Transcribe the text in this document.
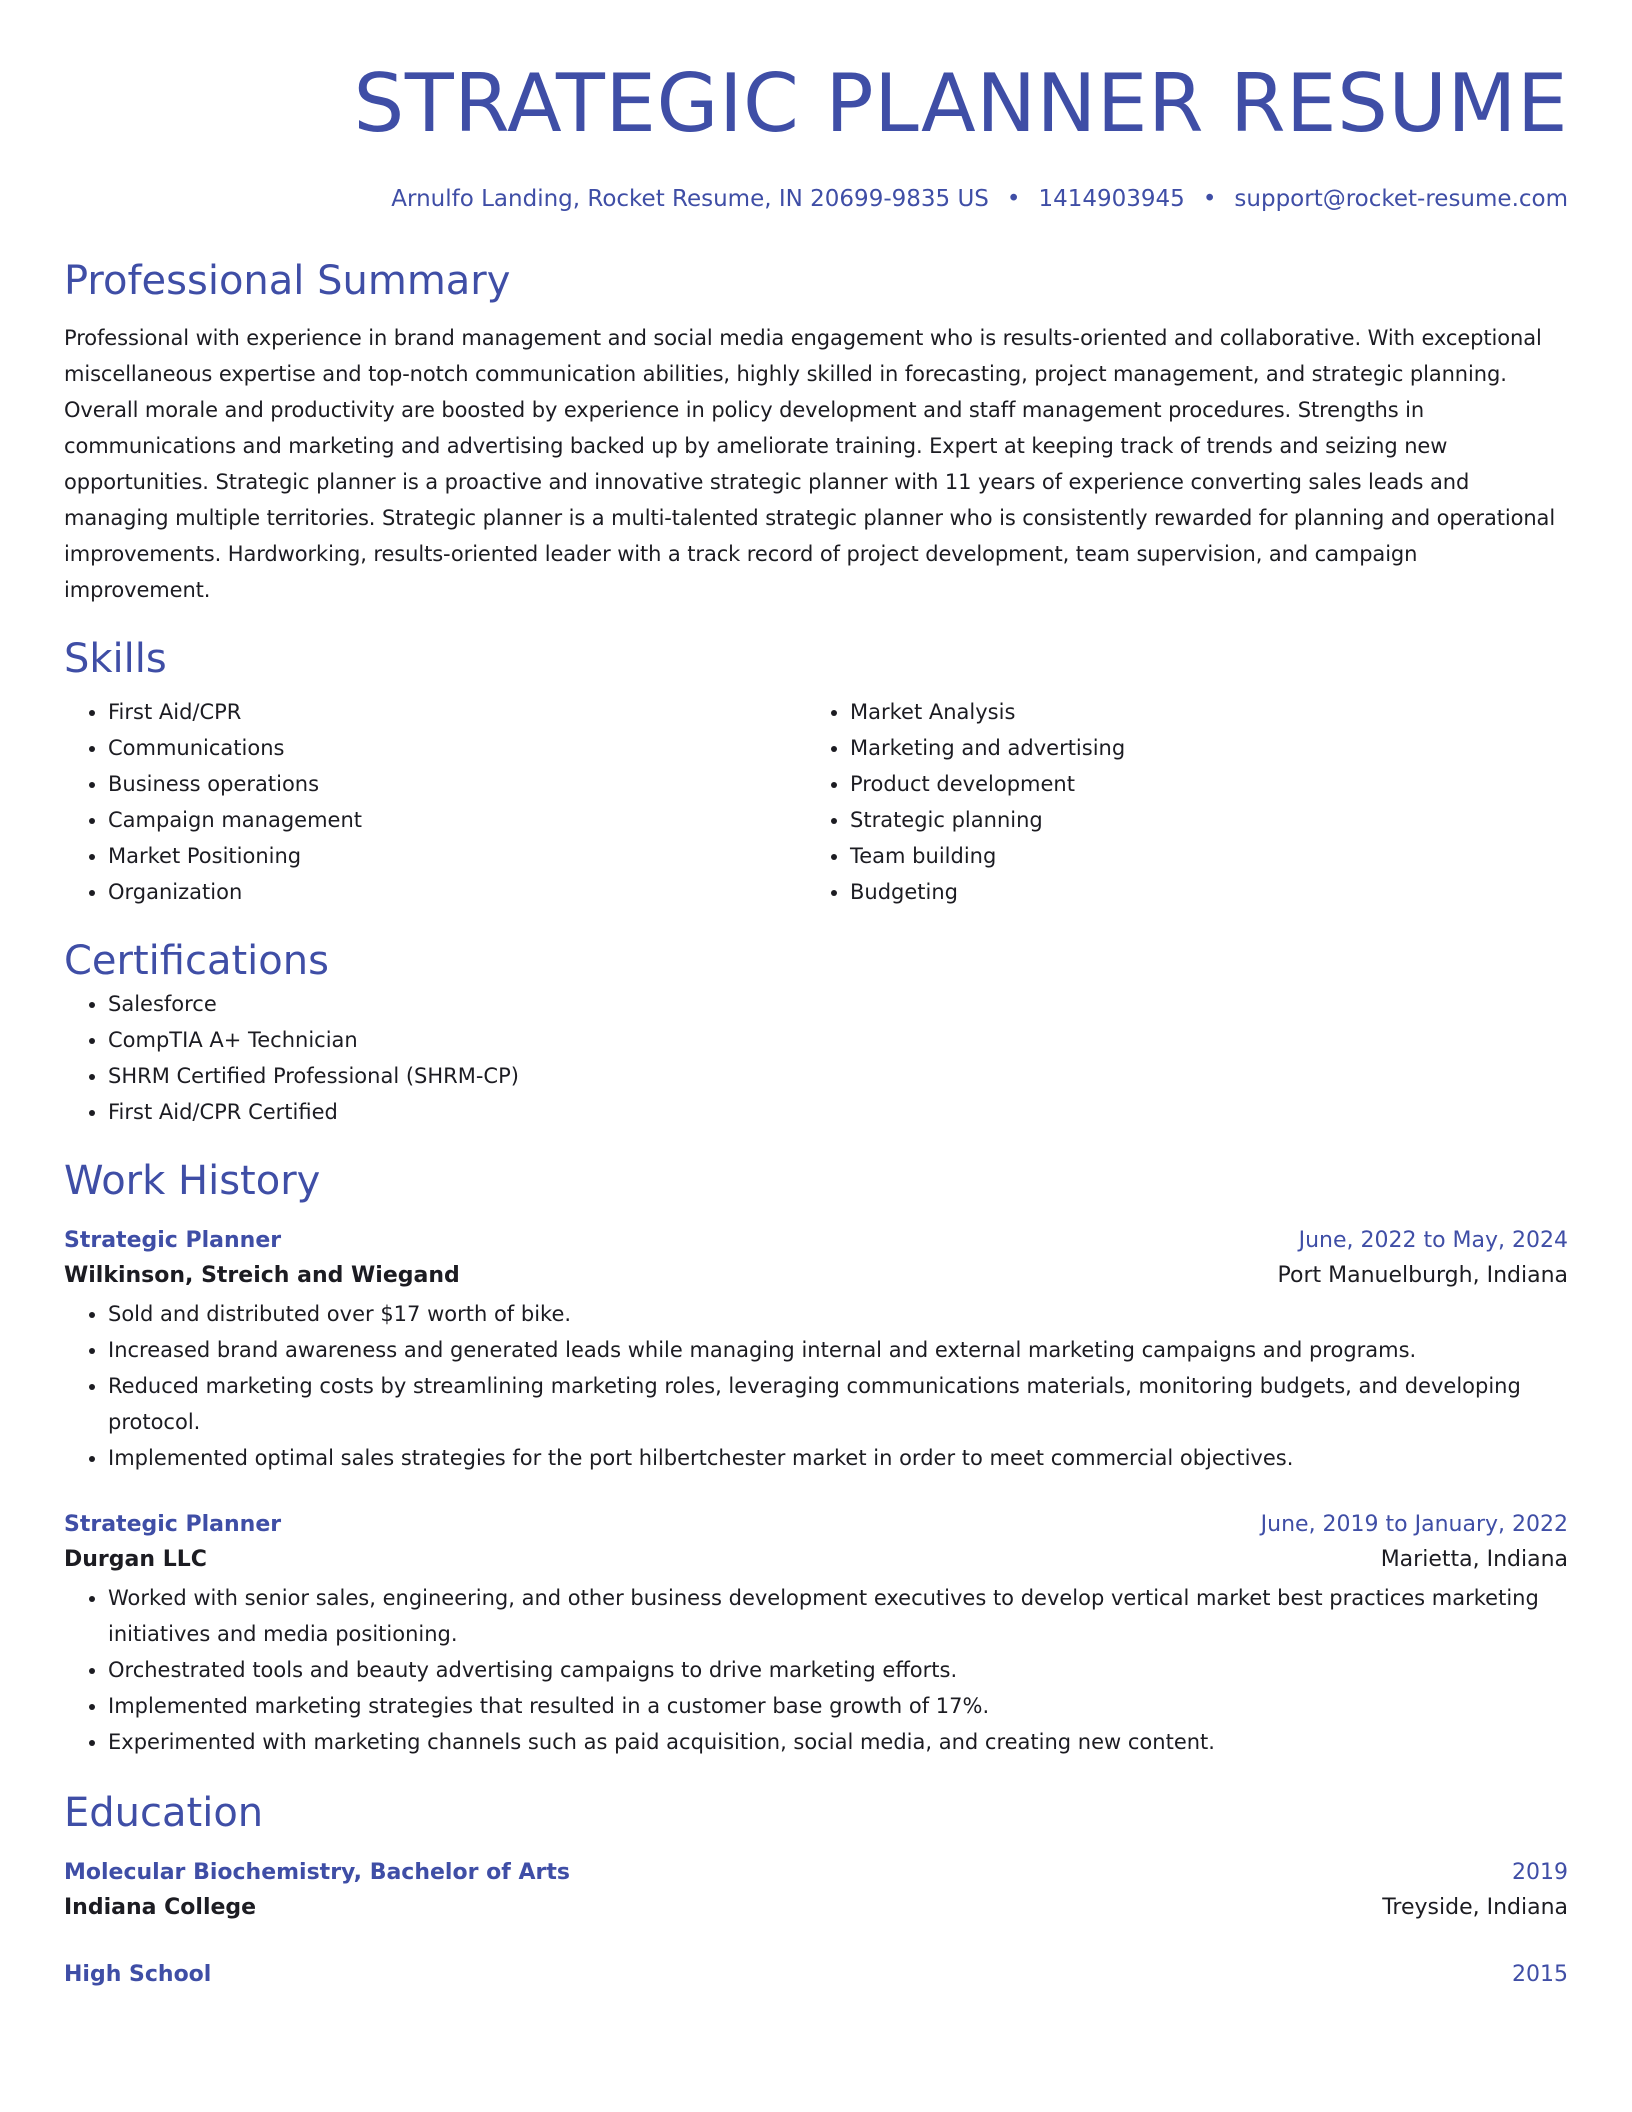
STRATEGIC PLANNER RESUME
Arnulfo Landing, Rocket Resume, IN 20699-9835 US • 1414903945 • support@rocket-resume.com
Professional Summary

Professional with experience in brand management and social media engagement who is results-oriented and collaborative. With exceptional miscellaneous expertise and top-notch communication abilities, highly skilled in forecasting, project management, and strategic planning. Overall morale and productivity are boosted by experience in policy development and staff management procedures. Strengths in communications and marketing and advertising backed up by ameliorate training. Expert at keeping track of trends and seizing new opportunities. Strategic planner is a proactive and innovative strategic planner with 11 years of experience converting sales leads and managing multiple territories. Strategic planner is a multi-talented strategic planner who is consistently rewarded for planning and operational improvements. Hardworking, results-oriented leader with a track record of project development, team supervision, and campaign improvement.

Skills
• First Aid/CPR
• Communications
• Business operations
• Campaign management
• Market Positioning
• Organization
• Market Analysis
• Marketing and advertising
• Product development
• Strategic planning
• Team building
• Budgeting
Certifications
• Salesforce
• CompTIA A+ Technician
• SHRM Certified Professional (SHRM-CP)
• First Aid/CPR Certified
Work History
Strategic Planner	June, 2022 to May, 2024
Wilkinson, Streich and Wiegand	Port Manuelburgh, Indiana
• Sold and distributed over $17 worth of bike.
• Increased brand awareness and generated leads while managing internal and external marketing campaigns and programs.
• Reduced marketing costs by streamlining marketing roles, leveraging communications materials, monitoring budgets, and developing protocol.
• Implemented optimal sales strategies for the port hilbertchester market in order to meet commercial objectives.
Strategic Planner	June, 2019 to January, 2022
Durgan LLC	Marietta, Indiana
• Worked with senior sales, engineering, and other business development executives to develop vertical market best practices marketing initiatives and media positioning.
• Orchestrated tools and beauty advertising campaigns to drive marketing efforts.
• Implemented marketing strategies that resulted in a customer base growth of 17%.
• Experimented with marketing channels such as paid acquisition, social media, and creating new content.
Education
Molecular Biochemistry, Bachelor of Arts	2019
Indiana College	Treyside, Indiana
High School	2015
